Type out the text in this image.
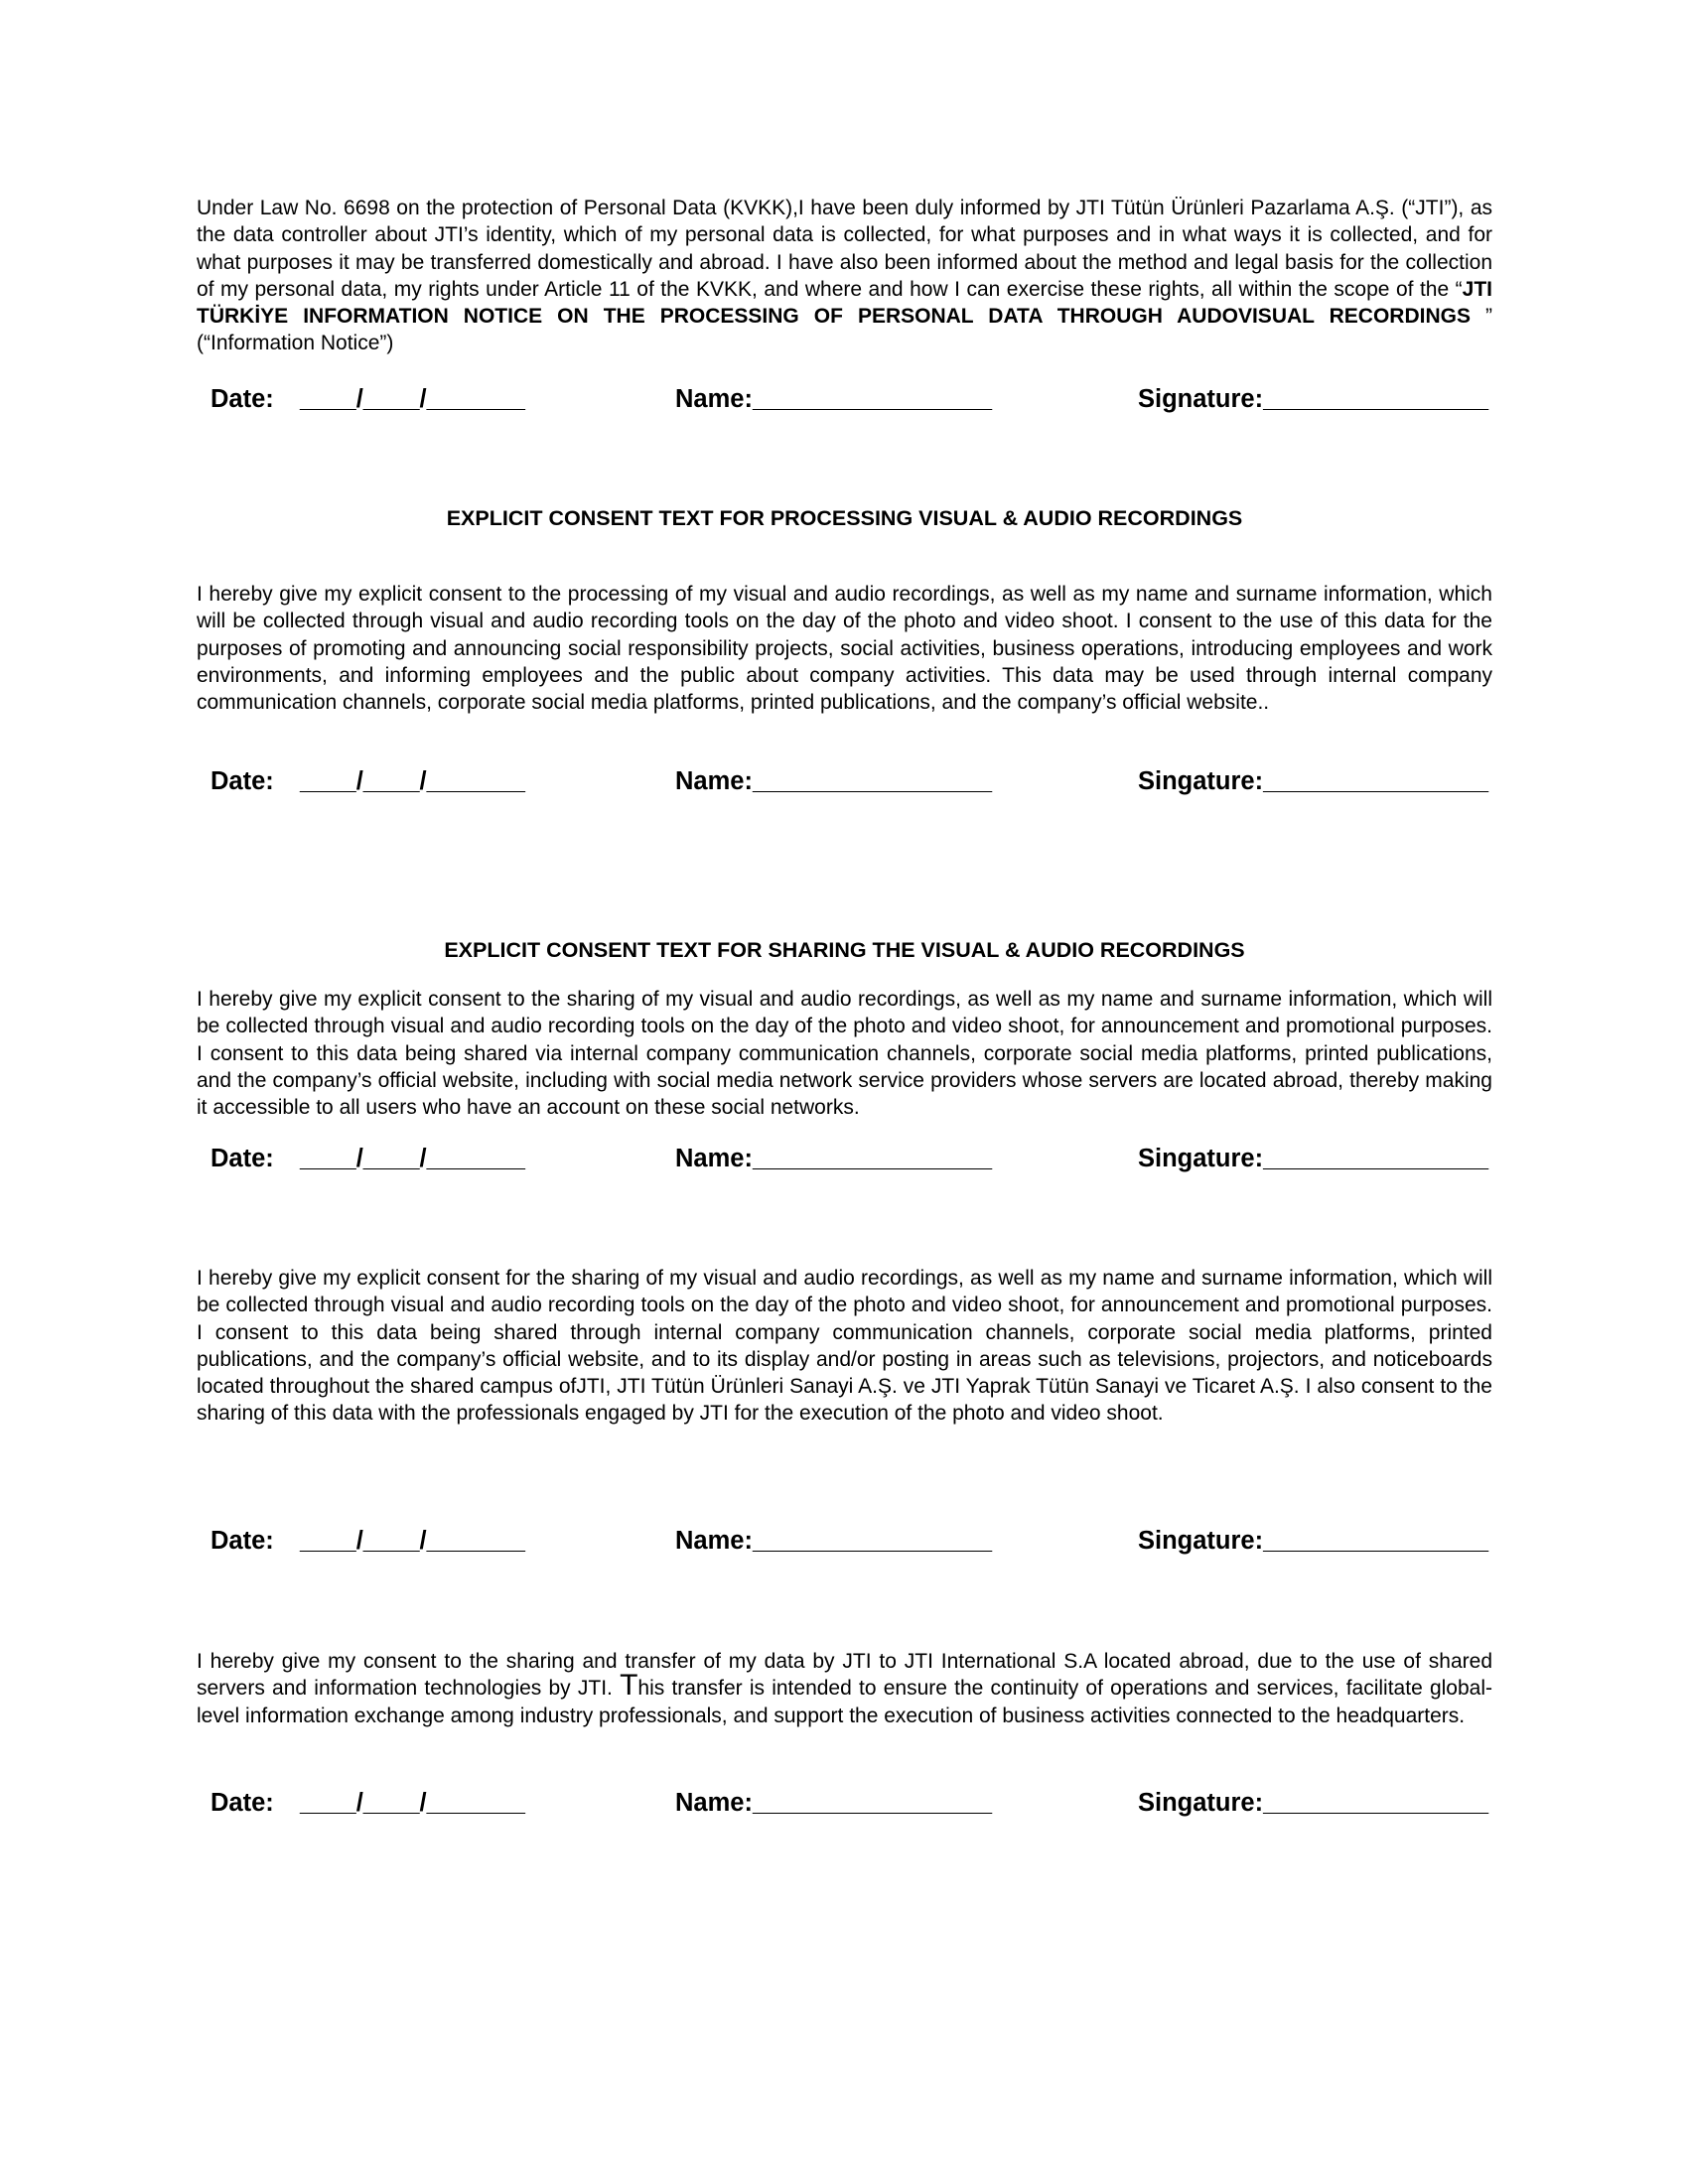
Under Law No. 6698 on the protection of Personal Data (KVKK),I have been duly informed by JTI Tütün Ürünleri Pazarlama A.Ş. (“JTI”), as the data controller about JTI’s identity, which of my personal data is collected, for what purposes and in what ways it is collected, and for what purposes it may be transferred domestically and abroad. I have also been informed about the method and legal basis for the collection of my personal data, my rights under Article 11 of the KVKK, and where and how I can exercise these rights, all within the scope of the “JTI TÜRKİYE INFORMATION NOTICE ON THE PROCESSING OF PERSONAL DATA THROUGH AUDOVISUAL RECORDINGS ” (“Information Notice”)
Date: ____/____/_______	Name:_________________	Signature:________________
EXPLICIT CONSENT TEXT FOR PROCESSING VISUAL & AUDIO RECORDINGS
I hereby give my explicit consent to the processing of my visual and audio recordings, as well as my name and surname information, which will be collected through visual and audio recording tools on the day of the photo and video shoot. I consent to the use of this data for the purposes of promoting and announcing social responsibility projects, social activities, business operations, introducing employees and work environments, and informing employees and the public about company activities. This data may be used through internal company communication channels, corporate social media platforms, printed publications, and the company’s official website..
Date: ____/____/_______	Name:_________________	Singature:________________
EXPLICIT CONSENT TEXT FOR SHARING THE VISUAL & AUDIO RECORDINGS
I hereby give my explicit consent to the sharing of my visual and audio recordings, as well as my name and surname information, which will be collected through visual and audio recording tools on the day of the photo and video shoot, for announcement and promotional purposes. I consent to this data being shared via internal company communication channels, corporate social media platforms, printed publications, and the company’s official website, including with social media network service providers whose servers are located abroad, thereby making it accessible to all users who have an account on these social networks.
Date: ____/____/_______	Name:_________________	Singature:________________
I hereby give my explicit consent for the sharing of my visual and audio recordings, as well as my name and surname information, which will be collected through visual and audio recording tools on the day of the photo and video shoot, for announcement and promotional purposes. I consent to this data being shared through internal company communication channels, corporate social media platforms, printed publications, and the company’s official website, and to its display and/or posting in areas such as televisions, projectors, and noticeboards located throughout the shared campus ofJTI, JTI Tütün Ürünleri Sanayi A.Ş. ve JTI Yaprak Tütün Sanayi ve Ticaret A.Ş. I also consent to the sharing of this data with the professionals engaged by JTI for the execution of the photo and video shoot.
Date: ____/____/_______	Name:_________________	Singature:________________
I hereby give my consent to the sharing and transfer of my data by JTI to JTI International S.A located abroad, due to the use of shared servers and information technologies by JTI. This transfer is intended to ensure the continuity of operations and services, facilitate global-level information exchange among industry professionals, and support the execution of business activities connected to the headquarters.
Date: ____/____/_______	Name:_________________	Singature:________________
